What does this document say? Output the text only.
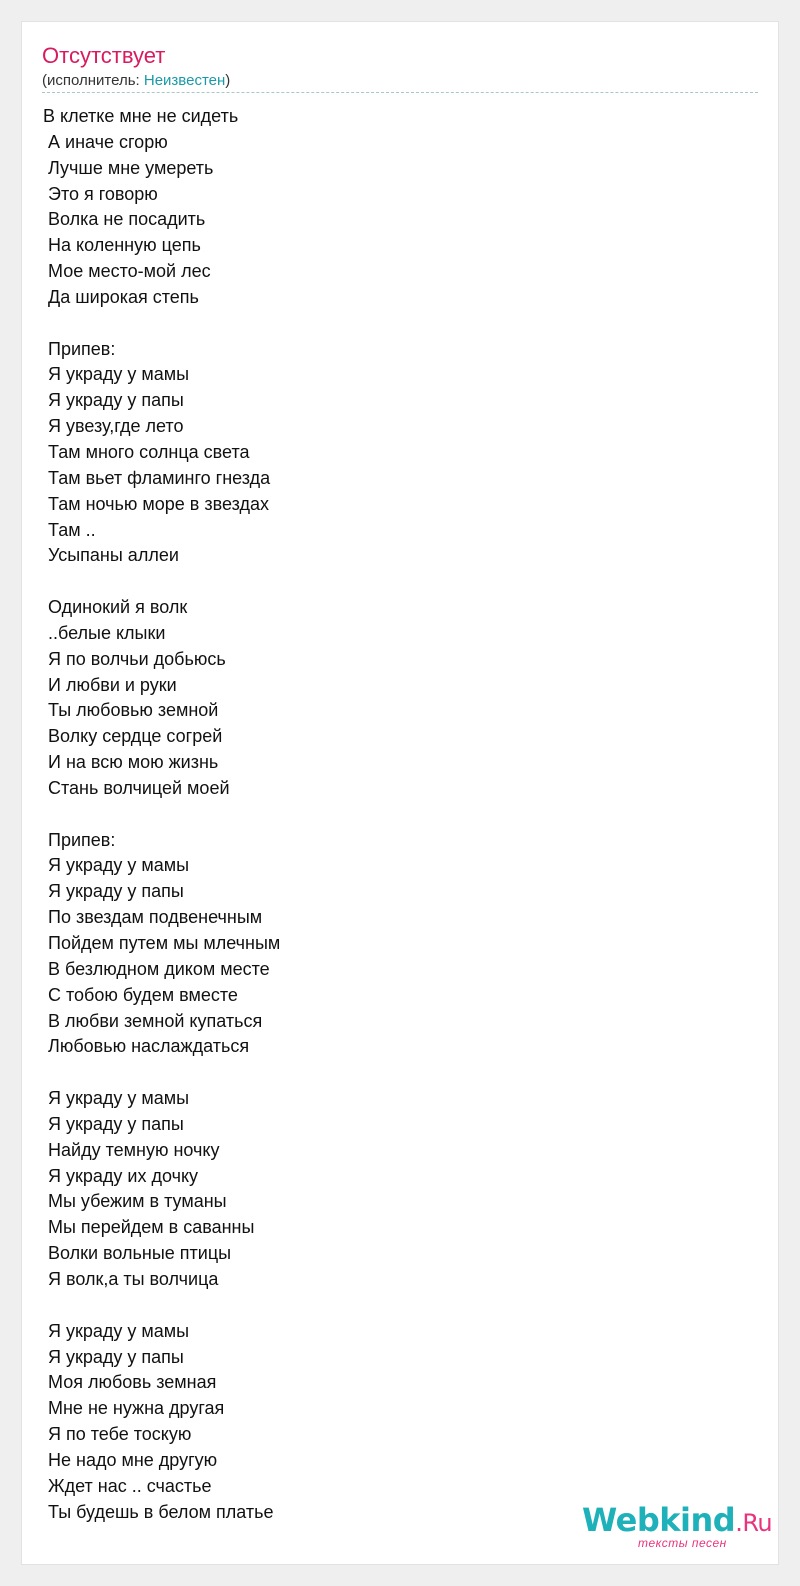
Отсутствует
(исполнитель: Неизвестен)
В клетке мне не сидеть
А иначе сгорю
Лучше мне умереть
Это я говорю
Волка не посадить
На коленную цепь
Мое место-мой лес
Да широкая степь
Припев:
Я украду у мамы
Я украду у папы
Я увезу,где лето
Там много солнца света
Там вьет фламинго гнезда
Там ночью море в звездах
Там ..
Усыпаны аллеи
Одинокий я волк
..белые клыки
Я по волчьи добьюсь
И любви и руки
Ты любовью земной
Волку сердце согрей
И на всю мою жизнь
Стань волчицей моей
Припев:
Я украду у мамы
Я украду у папы
По звездам подвенечным
Пойдем путем мы млечным
В безлюдном диком месте
С тобою будем вместе
В любви земной купаться
Любовью наслаждаться
Я украду у мамы
Я украду у папы
Найду темную ночку
Я украду их дочку
Мы убежим в туманы
Мы перейдем в саванны
Волки вольные птицы
Я волк,а ты волчица
Я украду у мамы
Я украду у папы
Моя любовь земная
Мне не нужна другая
Я по тебе тоскую
Не надо мне другую
Ждет нас .. счастье
Ты будешь в белом платье	Webkind.Ru
тексты песен
